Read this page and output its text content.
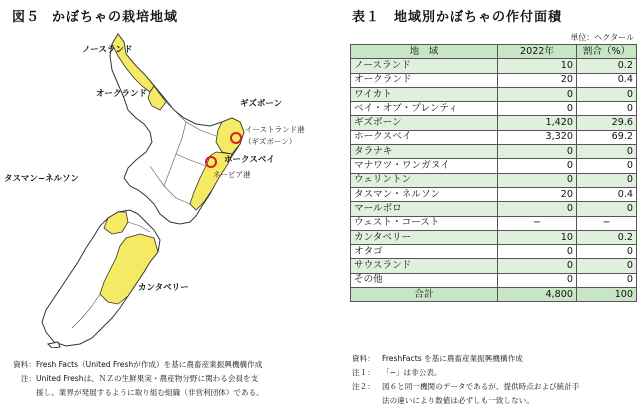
図５ かぼちゃの栽培地域
ノースランド
オークランド
ギズボーン
イーストランド港
（ギズボーン）
ホークスベイ
ネーピア港
タスマン−ネルソン
カンタベリー
資料： Fresh Facts（United Freshが作成）を基に農畜産業振興機構作成
注： United Freshは、ＮＺの生鮮果実・農産物分野に関わる会員を支
援し、業界が発展するように取り組む組織（非営利団体）である。
表１ 地域別かぼちゃの作付面積
単位：ヘクタール
地　域	2022年	割合（%）
ノースランド	10	0.2
オークランド	20	0.4
ワイカト	0	0
ベイ・オブ・プレンティ	0	0
ギズボーン	1,420	29.6
ホークスベイ	3,320	69.2
タラナキ	0	0
マナワツ・ワンガヌイ	0	0
ウェリントン	0	0
タスマン・ネルソン	20	0.4
マールボロ	0	0
ウェスト・コースト	−	−
カンタベリー	10	0.2
オタゴ	0	0
サウスランド	0	0
その他	0	0
合計	4,800	100
資料： FreshFacts を基に農畜産業振興機構作成
注１： 「−」は非公表。
注２： 図６と同一機関のデータであるが、提供時点および統計手
法の違いにより数値は必ずしも一致しない。
